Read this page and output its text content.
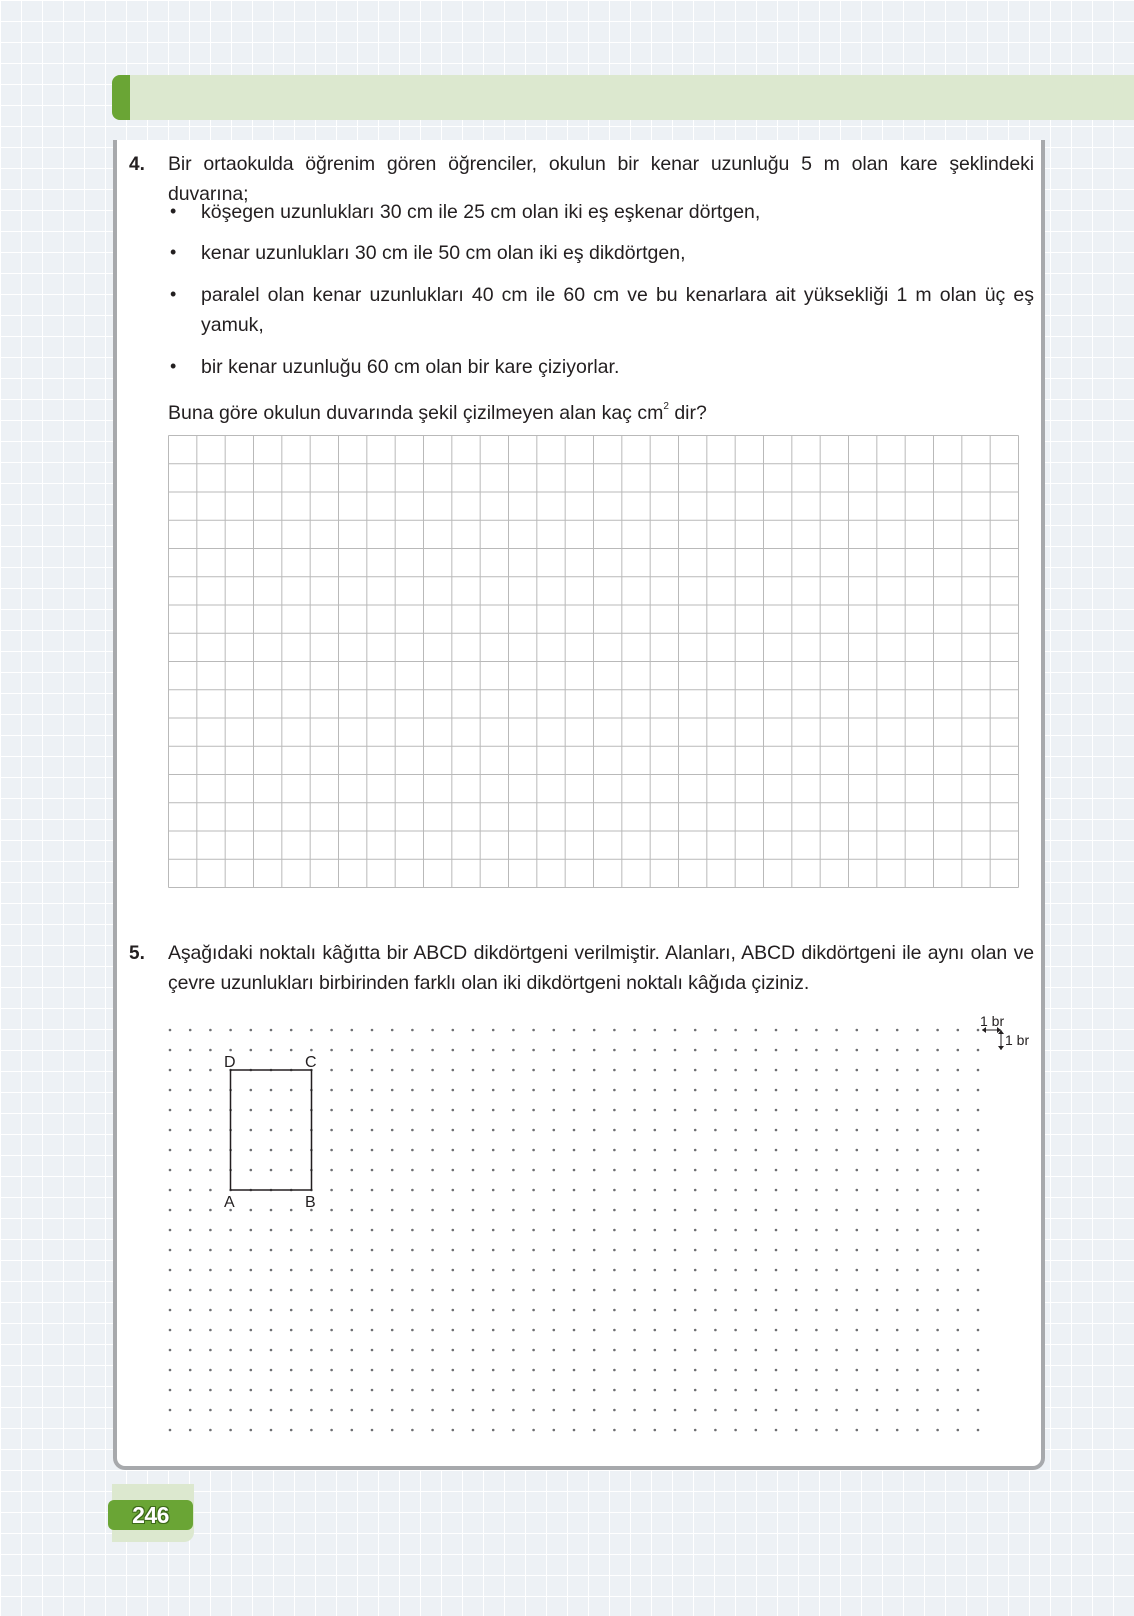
4. Bir ortaokulda öğrenim gören öğrenciler, okulun bir kenar uzunluğu 5 m olan kare şeklindeki duvarına;
• köşegen uzunlukları 30 cm ile 25 cm olan iki eş eşkenar dörtgen,
• kenar uzunlukları 30 cm ile 50 cm olan iki eş dikdörtgen,
• paralel olan kenar uzunlukları 40 cm ile 60 cm ve bu kenarlara ait yüksekliği 1 m olan üç eş yamuk,
• bir kenar uzunluğu 60 cm olan bir kare çiziyorlar.
Buna göre okulun duvarında şekil çizilmeyen alan kaç $cm^2$ dir?
5. Aşağıdaki noktalı kâğıtta bir ABCD dikdörtgeni verilmiştir. Alanları, ABCD dikdörtgeni ile aynı olan ve çevre uzunlukları birbirinden farklı olan iki dikdörtgeni noktalı kâğıda çiziniz.
D	C
A	B
1 br
1 br
246
